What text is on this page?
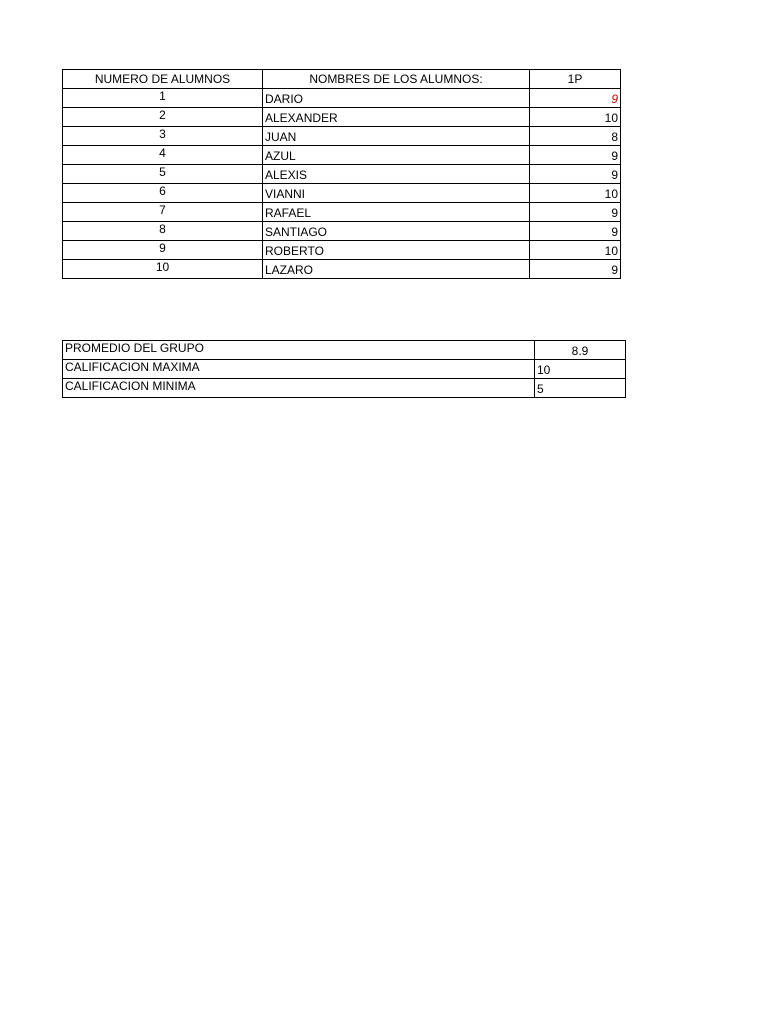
NUMERO DE ALUMNOS	NOMBRES DE LOS ALUMNOS:	1P
1	DARIO	9
2	ALEXANDER	10
3	JUAN	8
4	AZUL	9
5	ALEXIS	9
6	VIANNI	10
7	RAFAEL	9
8	SANTIAGO	9
9	ROBERTO	10
10	LAZARO	9
PROMEDIO DEL GRUPO	8.9
CALIFICACION MAXIMA	10
CALIFICACION MINIMA	5
